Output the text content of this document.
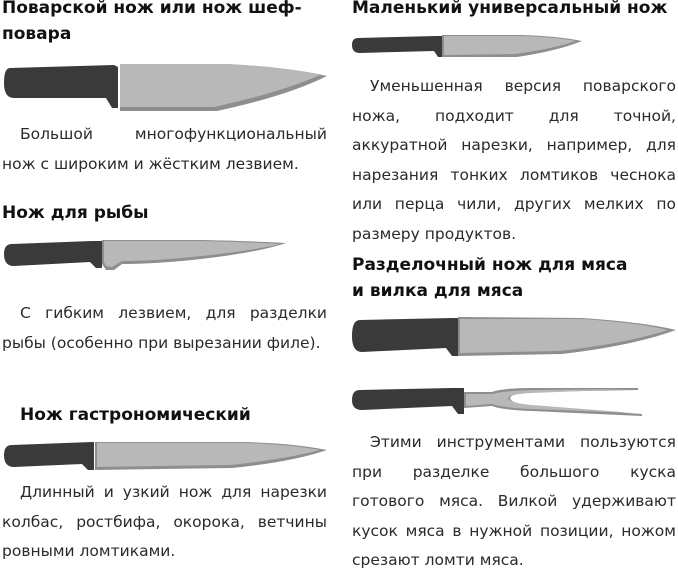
Поварской нож или нож шеф-повара

Большой многофункциональный нож с широким и жёстким лезвием.

Нож для рыбы

С гибким лезвием, для разделки рыбы (особенно при вырезании филе).

Нож гастрономический

Длинный и узкий нож для нарезки колбас, ростбифа, окорока, ветчины ровными ломтиками.

Маленький универсальный нож

Уменьшенная версия поварского ножа, подходит для точной, аккуратной нарезки, например, для нарезания тонких ломтиков чеснока или перца чили, других мелких по размеру продуктов.

Разделочный нож для мяса и вилка для мяса

Этими инструментами пользуются при разделке большого куска готового мяса. Вилкой удерживают кусок мяса в нужной позиции, ножом срезают ломти мяса.
